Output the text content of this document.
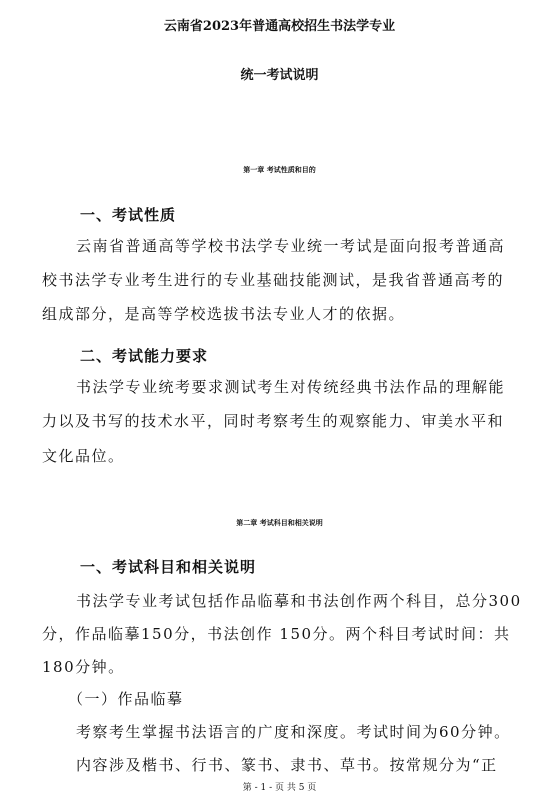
云南省2023年普通高校招生书法学专业
统一考试说明
第一章 考试性质和目的
一、考试性质
云南省普通高等学校书法学专业统一考试是面向报考普通高
校书法学专业考生进行的专业基础技能测试，是我省普通高考的
组成部分，是高等学校选拔书法专业人才的依据。
二、考试能力要求
书法学专业统考要求测试考生对传统经典书法作品的理解能
力以及书写的技术水平，同时考察考生的观察能力、审美水平和
文化品位。
第二章 考试科目和相关说明
一、考试科目和相关说明
书法学专业考试包括作品临摹和书法创作两个科目，总分300
分，作品临摹150分，书法创作 150分。两个科目考试时间：共
180分钟。
（一）作品临摹
考察考生掌握书法语言的广度和深度。考试时间为60分钟。
内容涉及楷书、行书、篆书、隶书、草书。按常规分为“正
第 - 1 - 页 共 5 页
